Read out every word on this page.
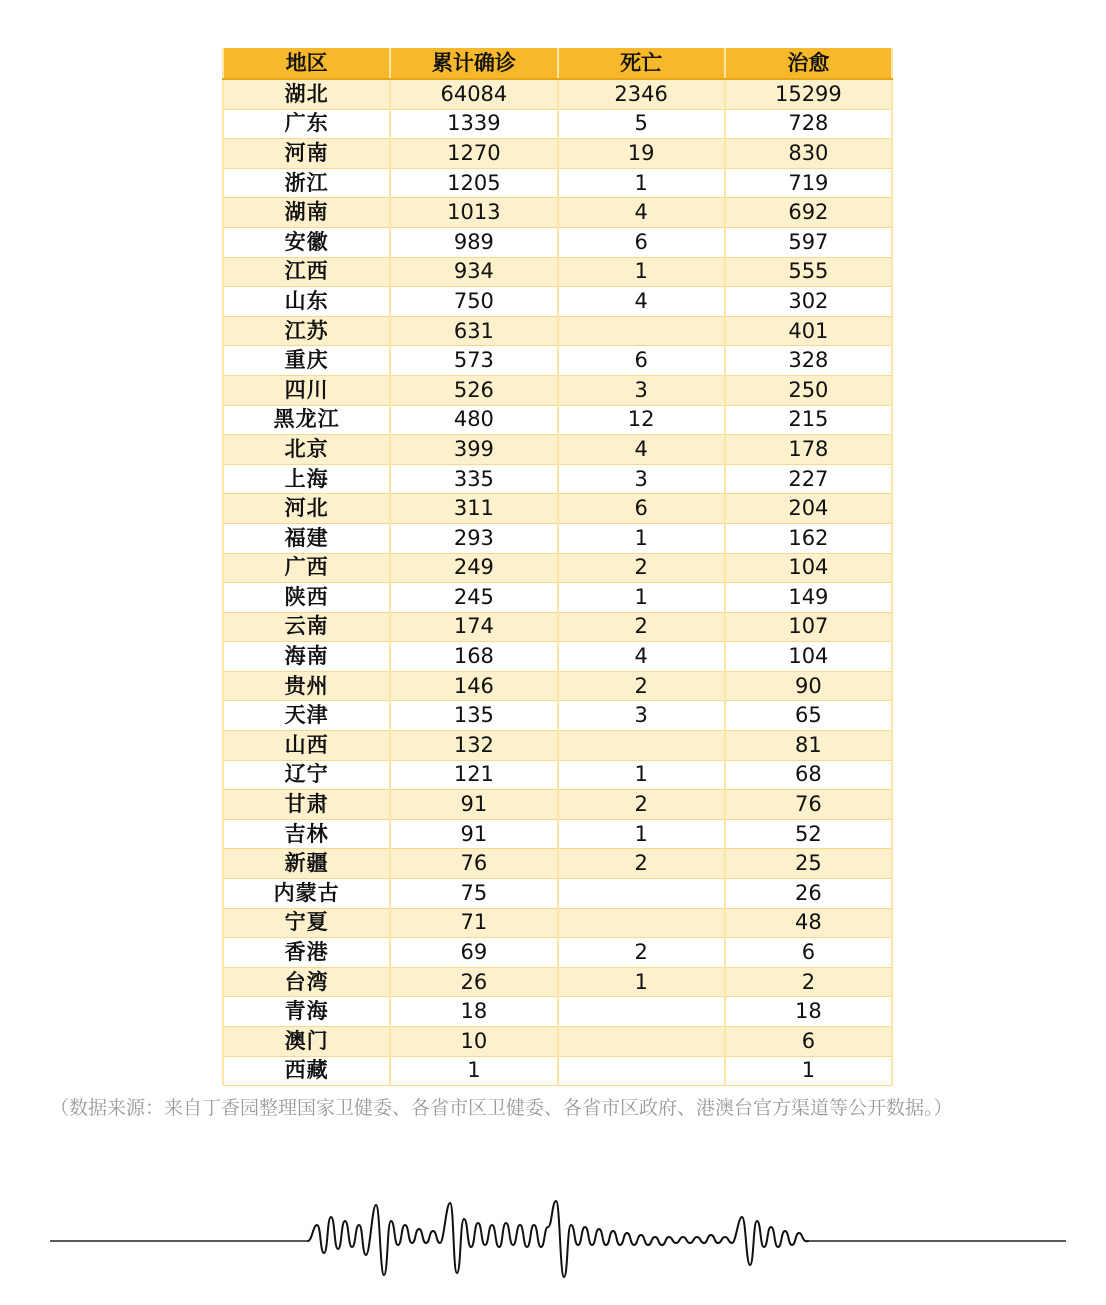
地区	累计确诊	死亡	治愈
湖北	64084	2346	15299
广东	1339	5	728
河南	1270	19	830
浙江	1205	1	719
湖南	1013	4	692
安徽	989	6	597
江西	934	1	555
山东	750	4	302
江苏	631		401
重庆	573	6	328
四川	526	3	250
黑龙江	480	12	215
北京	399	4	178
上海	335	3	227
河北	311	6	204
福建	293	1	162
广西	249	2	104
陕西	245	1	149
云南	174	2	107
海南	168	4	104
贵州	146	2	90
天津	135	3	65
山西	132		81
辽宁	121	1	68
甘肃	91	2	76
吉林	91	1	52
新疆	76	2	25
内蒙古	75		26
宁夏	71		48
香港	69	2	6
台湾	26	1	2
青海	18		18
澳门	10		6
西藏	1		1
（数据来源：来自丁香园整理国家卫健委、各省市区卫健委、各省市区政府、港澳台官方渠道等公开数据。）
